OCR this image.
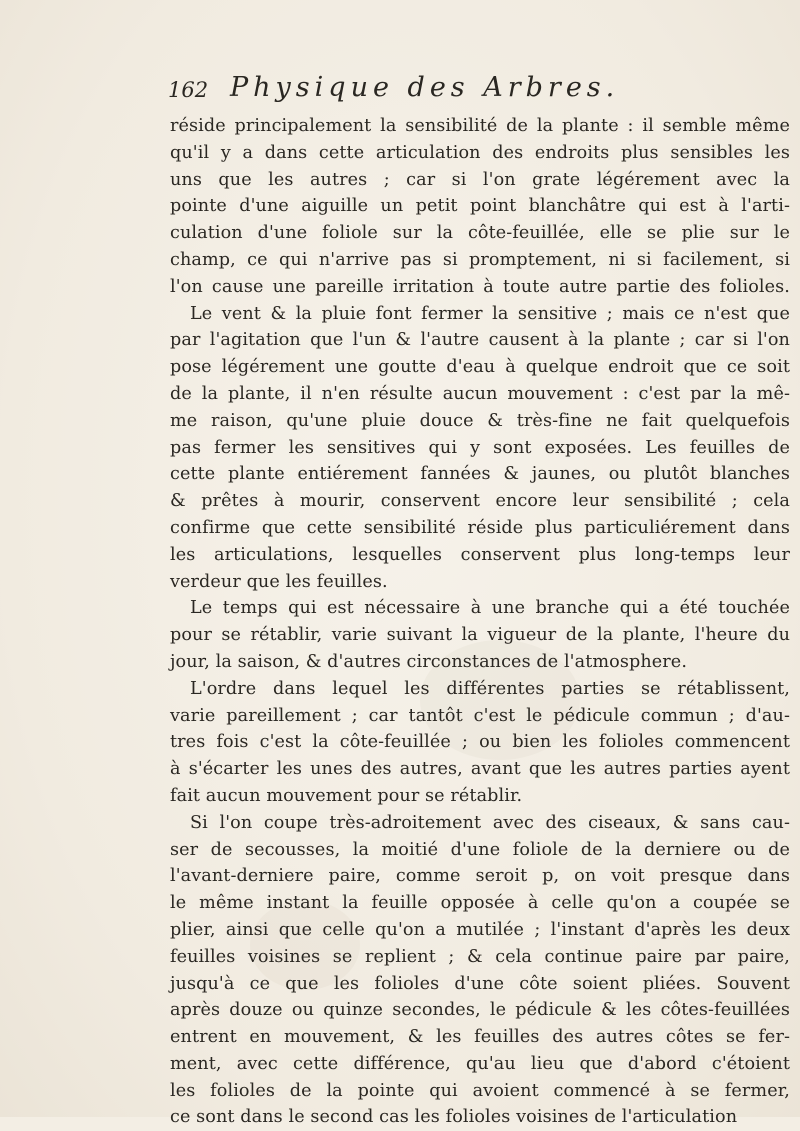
162 Physique des Arbres.
réside principalement la sensibilité de la plante : il semble même
qu'il y a dans cette articulation des endroits plus sensibles les
uns que les autres ; car si l'on grate légérement avec la
pointe d'une aiguille un petit point blanchâtre qui est à l'arti-
culation d'une foliole sur la côte-feuillée, elle se plie sur le
champ, ce qui n'arrive pas si promptement, ni si facilement, si
l'on cause une pareille irritation à toute autre partie des folioles.
Le vent & la pluie font fermer la sensitive ; mais ce n'est que
par l'agitation que l'un & l'autre causent à la plante ; car si l'on
pose légérement une goutte d'eau à quelque endroit que ce soit
de la plante, il n'en résulte aucun mouvement : c'est par la mê-
me raison, qu'une pluie douce & très-fine ne fait quelquefois
pas fermer les sensitives qui y sont exposées. Les feuilles de
cette plante entiérement fannées & jaunes, ou plutôt blanches
& prêtes à mourir, conservent encore leur sensibilité ; cela
confirme que cette sensibilité réside plus particuliérement dans
les articulations, lesquelles conservent plus long-temps leur
verdeur que les feuilles.
Le temps qui est nécessaire à une branche qui a été touchée
pour se rétablir, varie suivant la vigueur de la plante, l'heure du
jour, la saison, & d'autres circonstances de l'atmosphere.
L'ordre dans lequel les différentes parties se rétablissent,
varie pareillement ; car tantôt c'est le pédicule commun ; d'au-
tres fois c'est la côte-feuillée ; ou bien les folioles commencent
à s'écarter les unes des autres, avant que les autres parties ayent
fait aucun mouvement pour se rétablir.
Si l'on coupe très-adroitement avec des ciseaux, & sans cau-
ser de secousses, la moitié d'une foliole de la derniere ou de
l'avant-derniere paire, comme seroit p, on voit presque dans
le même instant la feuille opposée à celle qu'on a coupée se
plier, ainsi que celle qu'on a mutilée ; l'instant d'après les deux
feuilles voisines se replient ; & cela continue paire par paire,
jusqu'à ce que les folioles d'une côte soient pliées. Souvent
après douze ou quinze secondes, le pédicule & les côtes-feuillées
entrent en mouvement, & les feuilles des autres côtes se fer-
ment, avec cette différence, qu'au lieu que d'abord c'étoient
les folioles de la pointe qui avoient commencé à se fermer,
ce sont dans le second cas les folioles voisines de l'articulation
